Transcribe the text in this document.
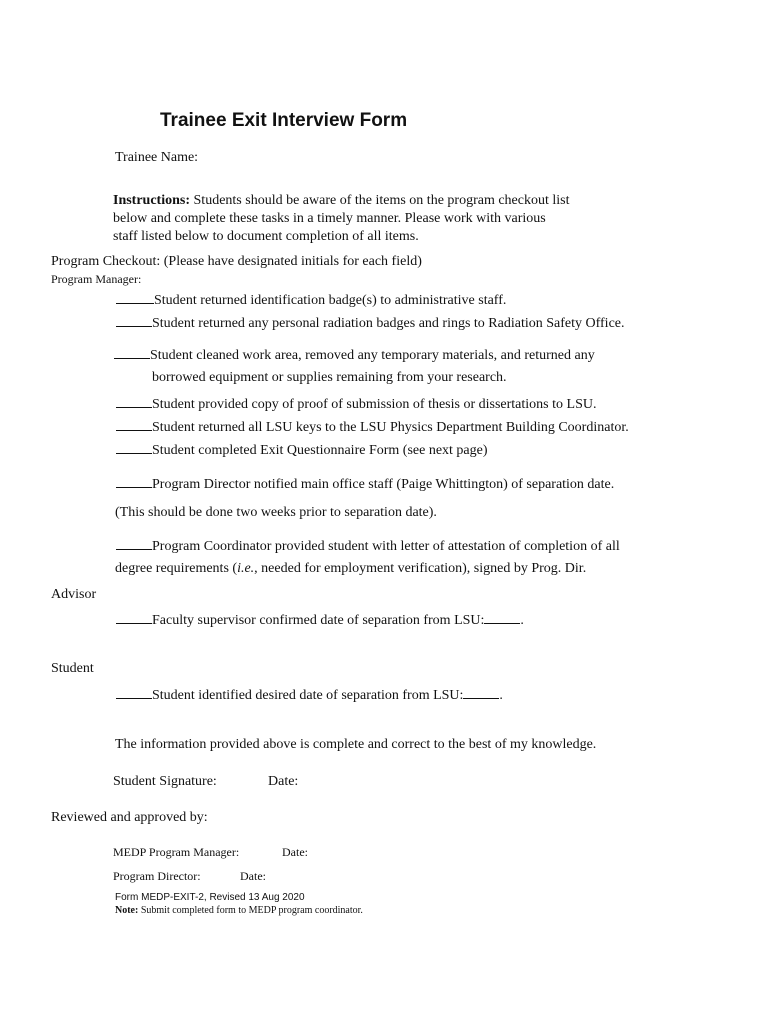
Trainee Exit Interview Form
Trainee Name:
Instructions: Students should be aware of the items on the program checkout list
below and complete these tasks in a timely manner. Please work with various
staff listed below to document completion of all items.
Program Checkout: (Please have designated initials for each field)
Program Manager:
Student returned identification badge(s) to administrative staff.
Student returned any personal radiation badges and rings to Radiation Safety Office.
Student cleaned work area, removed any temporary materials, and returned any
borrowed equipment or supplies remaining from your research.
Student provided copy of proof of submission of thesis or dissertations to LSU.
Student returned all LSU keys to the LSU Physics Department Building Coordinator.
Student completed Exit Questionnaire Form (see next page)
Program Director notified main office staff (Paige Whittington) of separation date.
(This should be done two weeks prior to separation date).
Program Coordinator provided student with letter of attestation of completion of all
degree requirements (i.e., needed for employment verification), signed by Prog. Dir.
Advisor
Faculty supervisor confirmed date of separation from LSU:	.
Student
Student identified desired date of separation from LSU:	.
The information provided above is complete and correct to the best of my knowledge.
Student Signature:	Date:
Reviewed and approved by:
MEDP Program Manager:	Date:
Program Director:	Date:
Form MEDP-EXIT-2, Revised 13 Aug 2020
Note: Submit completed form to MEDP program coordinator.
